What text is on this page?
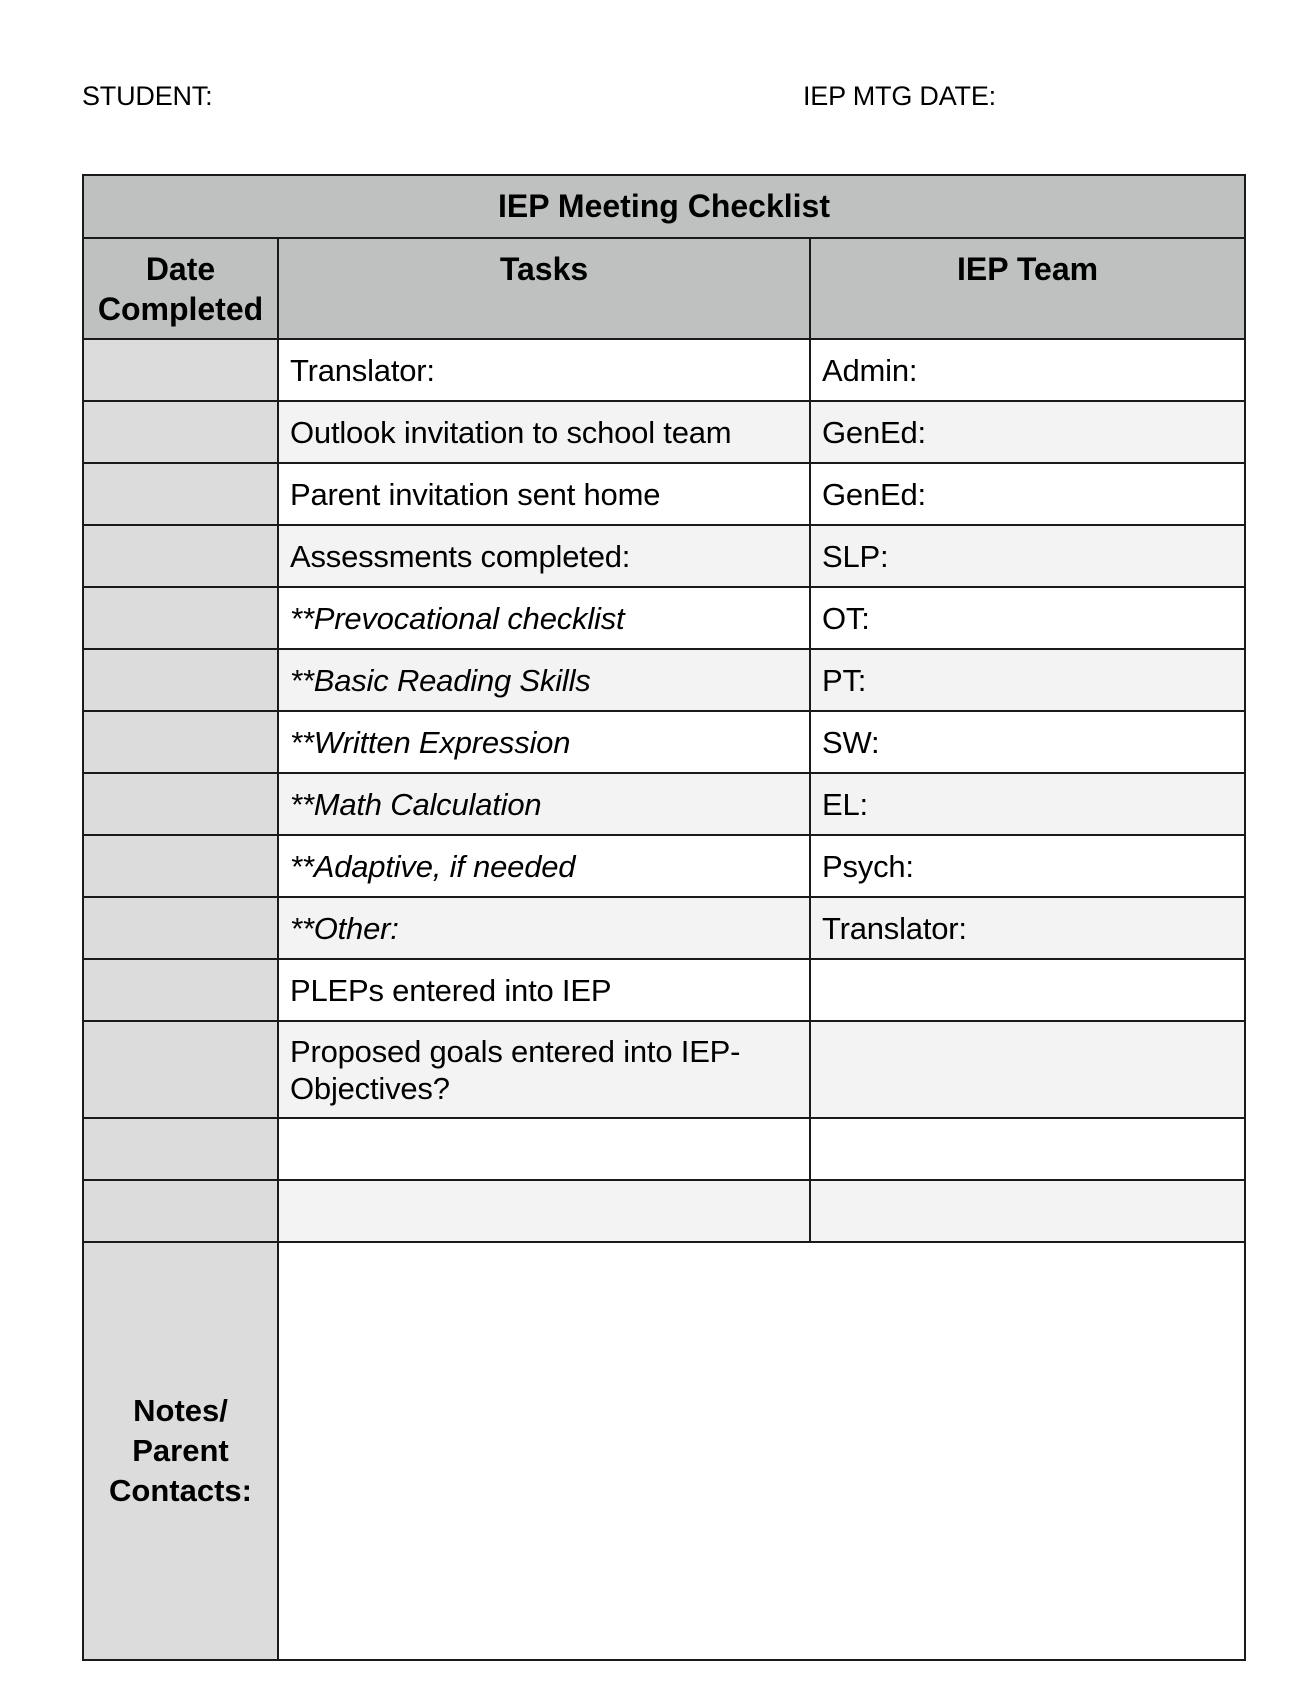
STUDENT:	IEP MTG DATE:
IEP Meeting Checklist		

Date
Completed	Tasks	IEP Team
	Translator:	Admin:
	Outlook invitation to school team	GenEd:
	Parent invitation sent home	GenEd:
	Assessments completed:	SLP:
	**Prevocational checklist	OT:
	**Basic Reading Skills	PT:
	**Written Expression	SW:
	**Math Calculation	EL:
	**Adaptive, if needed	Psych:
	**Other:	Translator:
	PLEPs entered into IEP	

	Proposed goals entered into IEP-
Objectives?	

Notes/
Parent
Contacts:		
